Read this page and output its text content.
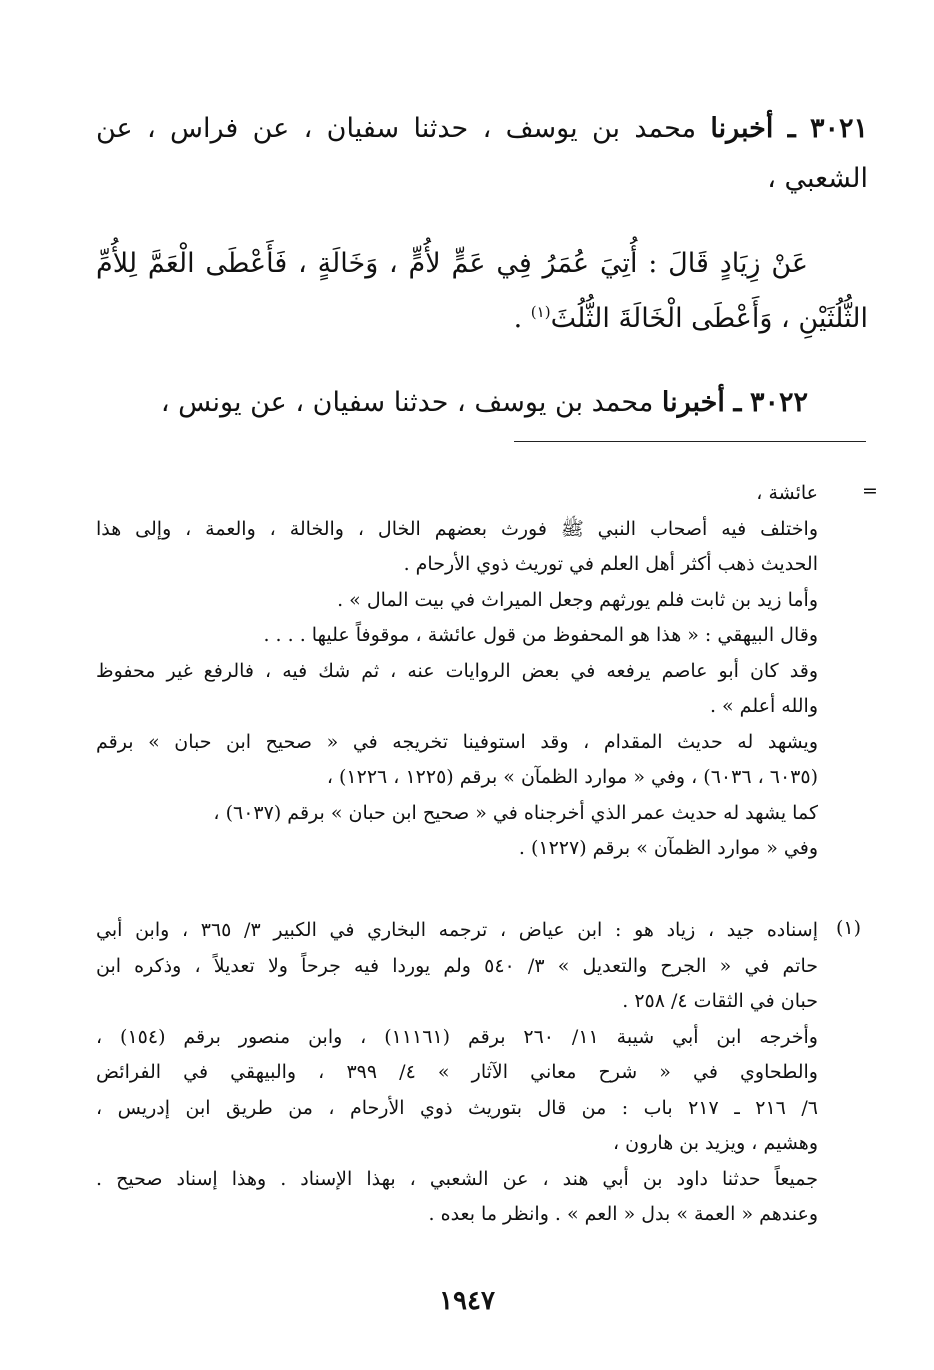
٣٠٢١ ـ أخبرنا محمد بن يوسف ، حدثنا سفيان ، عن فراس ، عن
الشعبي ،
عَنْ زِيَادٍ قَالَ : أُتِيَ عُمَرُ فِي عَمٍّ لأُمٍّ ، وَخَالَةٍ ، فَأَعْطَى الْعَمَّ لِلأُمِّ
الثُّلُثَيْنِ ، وَأَعْطَى الْخَالَةَ الثُّلُثَ$^{(١)}$ .
٣٠٢٢ ـ أخبرنا محمد بن يوسف ، حدثنا سفيان ، عن يونس ،
=
عائشة ،
واختلف فيه أصحاب النبي ﷺ فورث بعضهم الخال ، والخالة ، والعمة ، وإلى هذا
الحديث ذهب أكثر أهل العلم في توريث ذوي الأرحام .
وأما زيد بن ثابت فلم يورثهم وجعل الميراث في بيت المال » .
وقال البيهقي : « هذا هو المحفوظ من قول عائشة ، موقوفاً عليها . . . .
وقد كان أبو عاصم يرفعه في بعض الروايات عنه ، ثم شك فيه ، فالرفع غير محفوظ
والله أعلم » .
ويشهد له حديث المقدام ، وقد استوفينا تخريجه في « صحيح ابن حبان » برقم
(٦٠٣٥ ، ٦٠٣٦) ، وفي « موارد الظمآن » برقم (١٢٢٥ ، ١٢٢٦) ،
كما يشهد له حديث عمر الذي أخرجناه في « صحيح ابن حبان » برقم (٦٠٣٧) ،
وفي « موارد الظمآن » برقم (١٢٢٧) .
(١)
إسناده جيد ، زياد هو : ابن عياض ، ترجمه البخاري في الكبير ٣/ ٣٦٥ ، وابن أبي
حاتم في « الجرح والتعديل » ٣/ ٥٤٠ ولم يوردا فيه جرحاً ولا تعديلاً ، وذكره ابن
حبان في الثقات ٤/ ٢٥٨ .
وأخرجه ابن أبي شيبة ١١/ ٢٦٠ برقم (١١١٦١) ، وابن منصور برقم (١٥٤) ،
والطحاوي في « شرح معاني الآثار » ٤/ ٣٩٩ ، والبيهقي في الفرائض
٦/ ٢١٦ ـ ٢١٧ باب : من قال بتوريث ذوي الأرحام ، من طريق ابن إدريس ،
وهشيم ، ويزيد بن هارون ،
جميعاً حدثنا داود بن أبي هند ، عن الشعبي ، بهذا الإسناد . وهذا إسناد صحيح .
وعندهم « العمة » بدل « العم » . وانظر ما بعده .
١٩٤٧
